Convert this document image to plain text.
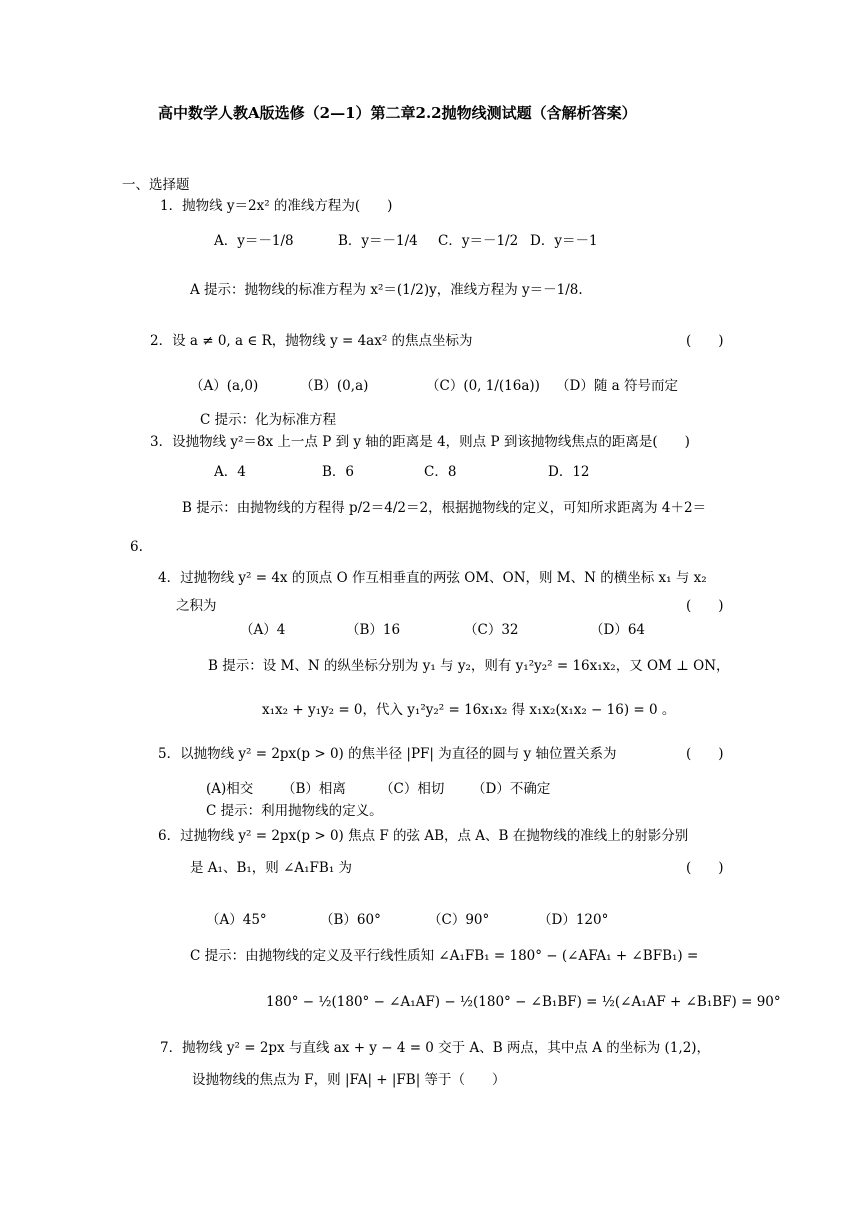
高中数学人教A版选修（2—1）第二章2.2抛物线测试题（含解析答案）
一、选择题
1．抛物线 y＝2x² 的准线方程为(　　)
A．y＝－1/8	B．y＝－1/4 C．y＝－1/2 D．y＝－1
A 提示：抛物线的标准方程为 x²＝(1/2)y，准线方程为 y＝－1/8.
2．设 a ≠ 0, a ∈ R，抛物线 y = 4ax² 的焦点坐标为	(　　)
（A）(a,0)	（B）(0,a)	（C）(0, 1/(16a)) （D）随 a 符号而定
C 提示：化为标准方程
3．设抛物线 y²＝8x 上一点 P 到 y 轴的距离是 4，则点 P 到该抛物线焦点的距离是(　　)
A．4	B．6	C．8	D．12
B 提示：由抛物线的方程得 p/2＝4/2＝2，根据抛物线的定义，可知所求距离为 4＋2＝
6.
4．过抛物线 y² = 4x 的顶点 O 作互相垂直的两弦 OM、ON，则 M、N 的横坐标 x₁ 与 x₂
之积为	(　　)
（A）4	（B）16	（C）32	（D）64
B 提示：设 M、N 的纵坐标分别为 y₁ 与 y₂，则有 y₁²y₂² = 16x₁x₂，又 OM ⊥ ON，
x₁x₂ + y₁y₂ = 0，代入 y₁²y₂² = 16x₁x₂ 得 x₁x₂(x₁x₂ − 16) = 0 。
5．以抛物线 y² = 2px(p > 0) 的焦半径 |PF| 为直径的圆与 y 轴位置关系为	(　　)
(A)相交 （B）相离	（C）相切 （D）不确定
C 提示：利用抛物线的定义。
6．过抛物线 y² = 2px(p > 0) 焦点 F 的弦 AB，点 A、B 在抛物线的准线上的射影分别
是 A₁、B₁，则 ∠A₁FB₁ 为	(　　)
（A）45°	（B）60°	（C）90°	（D）120°
C 提示：由抛物线的定义及平行线性质知 ∠A₁FB₁ = 180° − (∠AFA₁ + ∠BFB₁) =
180° − ½(180° − ∠A₁AF) − ½(180° − ∠B₁BF) = ½(∠A₁AF + ∠B₁BF) = 90°
7．抛物线 y² = 2px 与直线 ax + y − 4 = 0 交于 A、B 两点，其中点 A 的坐标为 (1,2)，
设抛物线的焦点为 F，则 |FA| + |FB| 等于（　　）
